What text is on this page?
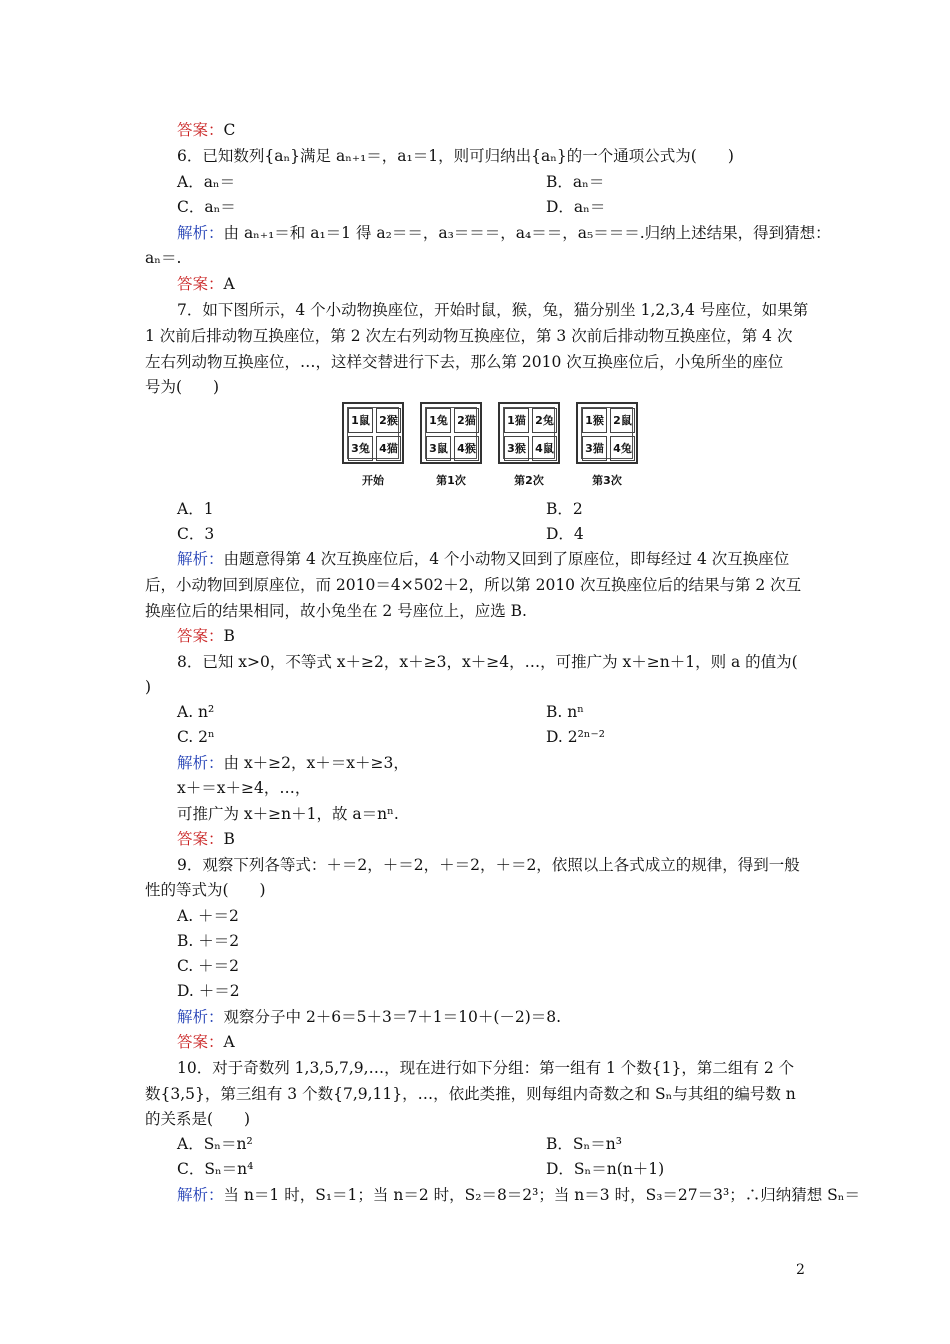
答案：C
6．已知数列{aₙ}满足 aₙ₊₁＝，a₁＝1，则可归纳出{aₙ}的一个通项公式为(　　)
A．aₙ＝	B．aₙ＝
C．aₙ＝	D．aₙ＝
解析：由 aₙ₊₁＝和 a₁＝1 得 a₂＝＝，a₃＝＝＝，a₄＝＝，a₅＝＝＝.归纳上述结果，得到猜想：
aₙ＝.
答案：A
7．如下图所示，4 个小动物换座位，开始时鼠，猴，兔，猫分别坐 1,2,3,4 号座位，如果第
1 次前后排动物互换座位，第 2 次左右列动物互换座位，第 3 次前后排动物互换座位，第 4 次
左右列动物互换座位，…，这样交替进行下去，那么第 2010 次互换座位后，小兔所坐的座位
号为(　　)
A．1	B．2
C．3	D．4
解析：由题意得第 4 次互换座位后，4 个小动物又回到了原座位，即每经过 4 次互换座位
后，小动物回到原座位，而 2010＝4×502＋2，所以第 2010 次互换座位后的结果与第 2 次互
换座位后的结果相同，故小兔坐在 2 号座位上，应选 B.
答案：B
8．已知 x>0，不等式 x＋≥2，x＋≥3，x＋≥4，…，可推广为 x＋≥n＋1，则 a 的值为(
)
A. n²	B. nⁿ
C. 2ⁿ	D. 2²ⁿ⁻²
解析：由 x＋≥2，x＋＝x＋≥3，
x＋＝x＋≥4，…，
可推广为 x＋≥n＋1，故 a＝nⁿ.
答案：B
9．观察下列各等式：＋＝2，＋＝2，＋＝2，＋＝2，依照以上各式成立的规律，得到一般
性的等式为(　　)
A. ＋＝2
B. ＋＝2
C. ＋＝2
D. ＋＝2
解析：观察分子中 2＋6＝5＋3＝7＋1＝10＋(－2)＝8.
答案：A
10．对于奇数列 1,3,5,7,9,…，现在进行如下分组：第一组有 1 个数{1}，第二组有 2 个
数{3,5}，第三组有 3 个数{7,9,11}，…，依此类推，则每组内奇数之和 Sₙ与其组的编号数 n
的关系是(　　)
A．Sₙ＝n²	B．Sₙ＝n³
C．Sₙ＝n⁴	D．Sₙ＝n(n＋1)
解析：当 n＝1 时，S₁＝1；当 n＝2 时，S₂＝8＝2³；当 n＝3 时，S₃＝27＝3³；∴归纳猜想 Sₙ＝
1鼠 2猴
3兔 4猫
开始
1兔 2猫
3鼠 4猴
第1次
1猫 2兔
3猴 4鼠
第2次
1猴 2鼠
3猫 4兔
第3次
2
